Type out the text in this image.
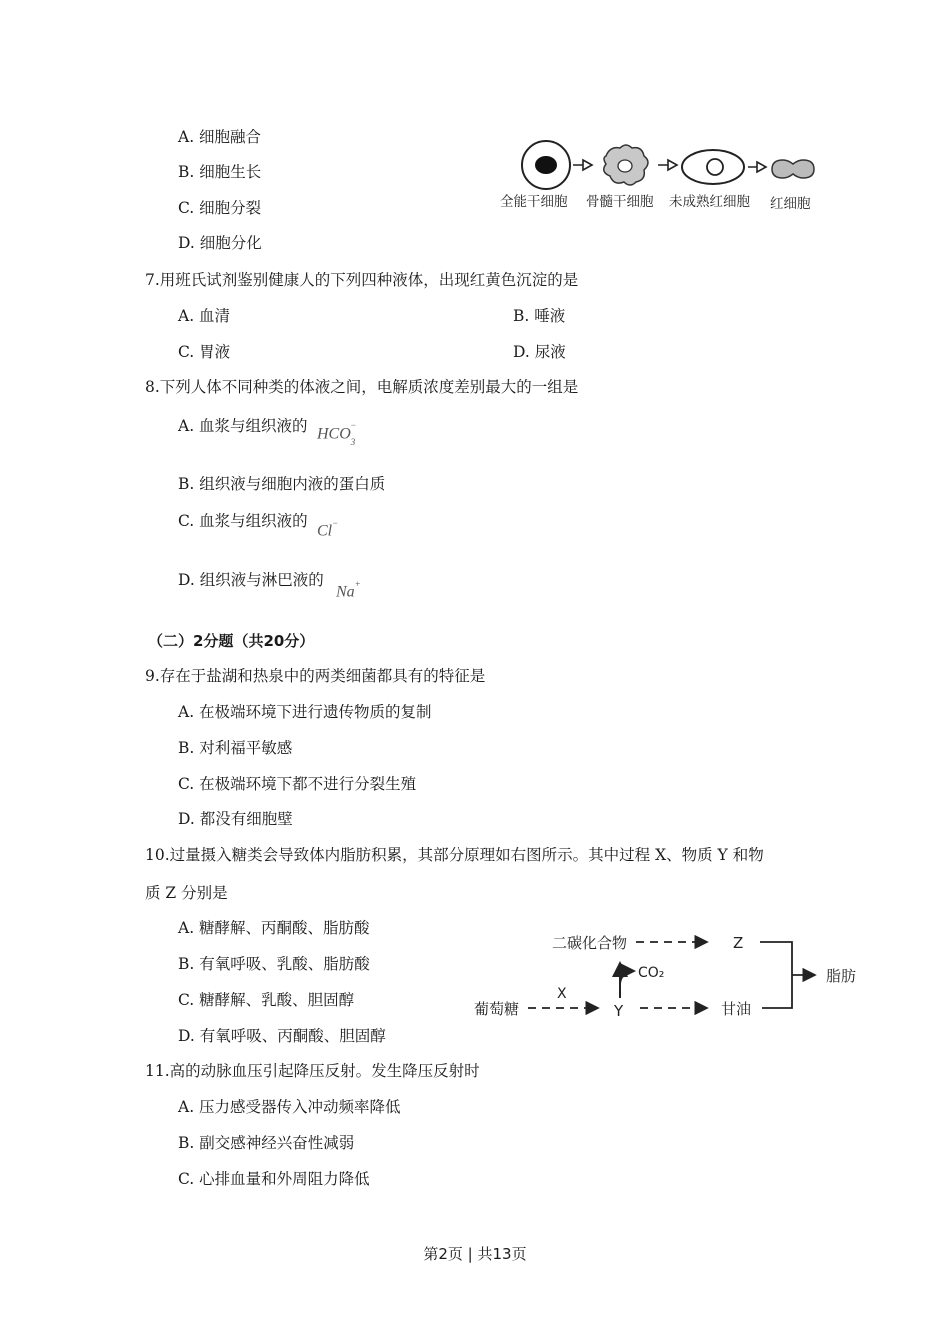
A. 细胞融合
B. 细胞生长
C. 细胞分裂
D. 细胞分化
全能干细胞 骨髓干细胞 未成熟红细胞 红细胞
7.用班氏试剂鉴别健康人的下列四种液体，出现红黄色沉淀的是
A. 血清	B. 唾液
C. 胃液	D. 尿液
8.下列人体不同种类的体液之间，电解质浓度差别最大的一组是
A. 血浆与组织液的 $HCO_3^-$
B. 组织液与细胞内液的蛋白质
C. 血浆与组织液的
Cl−
D. 组织液与淋巴液的
Na+
（二）2分题（共20分）
9.存在于盐湖和热泉中的两类细菌都具有的特征是
A. 在极端环境下进行遗传物质的复制
B. 对利福平敏感
C. 在极端环境下都不进行分裂生殖
D. 都没有细胞壁
10.过量摄入糖类会导致体内脂肪积累，其部分原理如右图所示。其中过程 X、物质 Y 和物
质 Z 分别是
A. 糖酵解、丙酮酸、脂肪酸
B. 有氧呼吸、乳酸、脂肪酸
C. 糖酵解、乳酸、胆固醇
D. 有氧呼吸、丙酮酸、胆固醇
二碳化合物	Z
葡萄糖
X
Y	甘油
CO₂	脂肪
11.高的动脉血压引起降压反射。发生降压反射时
A. 压力感受器传入冲动频率降低
B. 副交感神经兴奋性减弱
C. 心排血量和外周阻力降低
第2页 | 共13页
